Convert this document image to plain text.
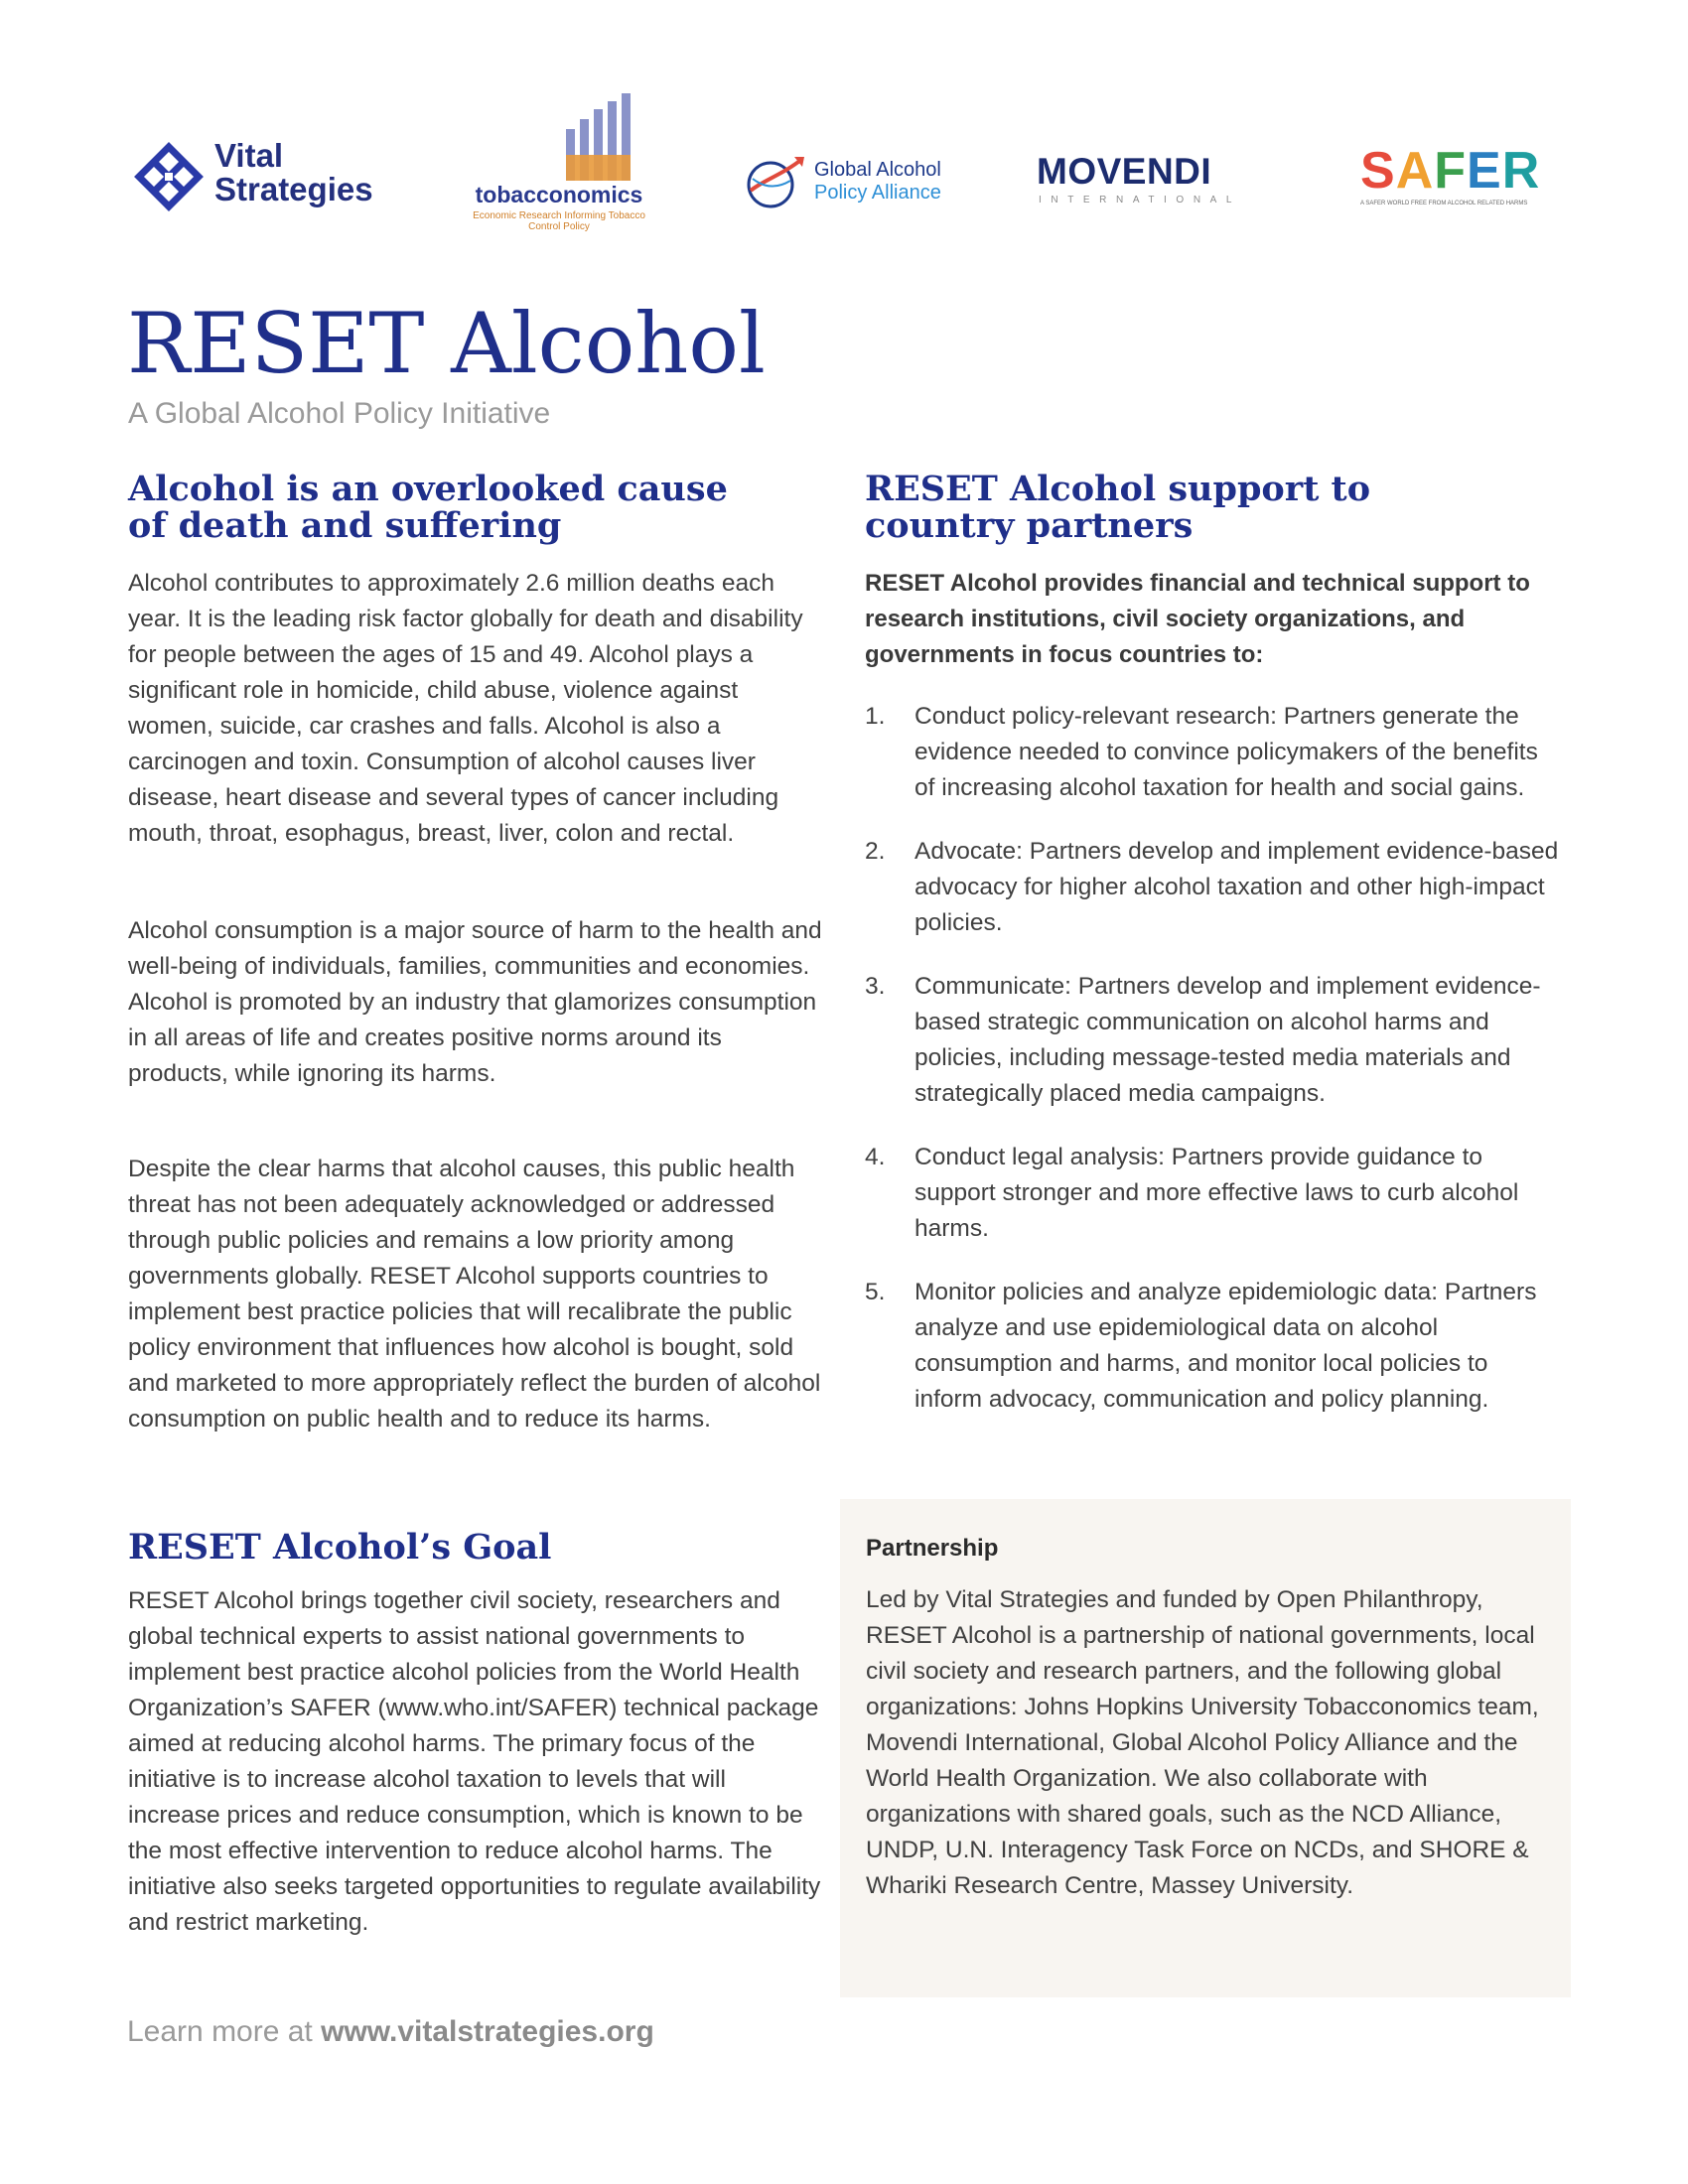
Vital
Strategies	tobacconomics
Economic Research Informing Tobacco Control Policy
Global Alcohol
Policy Alliance
MOVENDI
INTERNATIONAL
SAFER
A SAFER WORLD FREE FROM ALCOHOL RELATED HARMS
RESET Alcohol

A Global Alcohol Policy Initiative

Alcohol is an overlooked cause of death and suffering

Alcohol contributes to approximately 2.6 million deaths each year. It is the leading risk factor globally for death and disability for people between the ages of 15 and 49. Alcohol plays a significant role in homicide, child abuse, violence against women, suicide, car crashes and falls. Alcohol is also a carcinogen and toxin. Consumption of alcohol causes liver disease, heart disease and several types of cancer including mouth, throat, esophagus, breast, liver, colon and rectal.

Alcohol consumption is a major source of harm to the health and well-being of individuals, families, communities and economies. Alcohol is promoted by an industry that glamorizes consumption in all areas of life and creates positive norms around its products, while ignoring its harms.

Despite the clear harms that alcohol causes, this public health threat has not been adequately acknowledged or addressed through public policies and remains a low priority among governments globally. RESET Alcohol supports countries to implement best practice policies that will recalibrate the public policy environment that influences how alcohol is bought, sold and marketed to more appropriately reflect the burden of alcohol consumption on public health and to reduce its harms.

RESET Alcohol’s Goal

RESET Alcohol brings together civil society, researchers and global technical experts to assist national governments to implement best practice alcohol policies from the World Health Organization’s SAFER (www.who.int/SAFER) technical package aimed at reducing alcohol harms. The primary focus of the initiative is to increase alcohol taxation to levels that will increase prices and reduce consumption, which is known to be the most effective intervention to reduce alcohol harms. The initiative also seeks targeted opportunities to regulate availability and restrict marketing.

RESET Alcohol support to country partners

RESET Alcohol provides financial and technical support to research institutions, civil society organizations, and governments in focus countries to:

1. Conduct policy-relevant research: Partners generate the evidence needed to convince policymakers of the benefits of increasing alcohol taxation for health and social gains.
2. Advocate: Partners develop and implement evidence-based advocacy for higher alcohol taxation and other high-impact policies.
3. Communicate: Partners develop and implement evidence-based strategic communication on alcohol harms and policies, including message-tested media materials and strategically placed media campaigns.
4. Conduct legal analysis: Partners provide guidance to support stronger and more effective laws to curb alcohol harms.
5. Monitor policies and analyze epidemiologic data: Partners analyze and use epidemiological data on alcohol consumption and harms, and monitor local policies to inform advocacy, communication and policy planning.
Partnership

Led by Vital Strategies and funded by Open Philanthropy, RESET Alcohol is a partnership of national governments, local civil society and research partners, and the following global organizations: Johns Hopkins University Tobacconomics team, Movendi International, Global Alcohol Policy Alliance and the World Health Organization. We also collaborate with organizations with shared goals, such as the NCD Alliance, UNDP, U.N. Interagency Task Force on NCDs, and SHORE & Whariki Research Centre, Massey University.

Learn more at www.vitalstrategies.org
